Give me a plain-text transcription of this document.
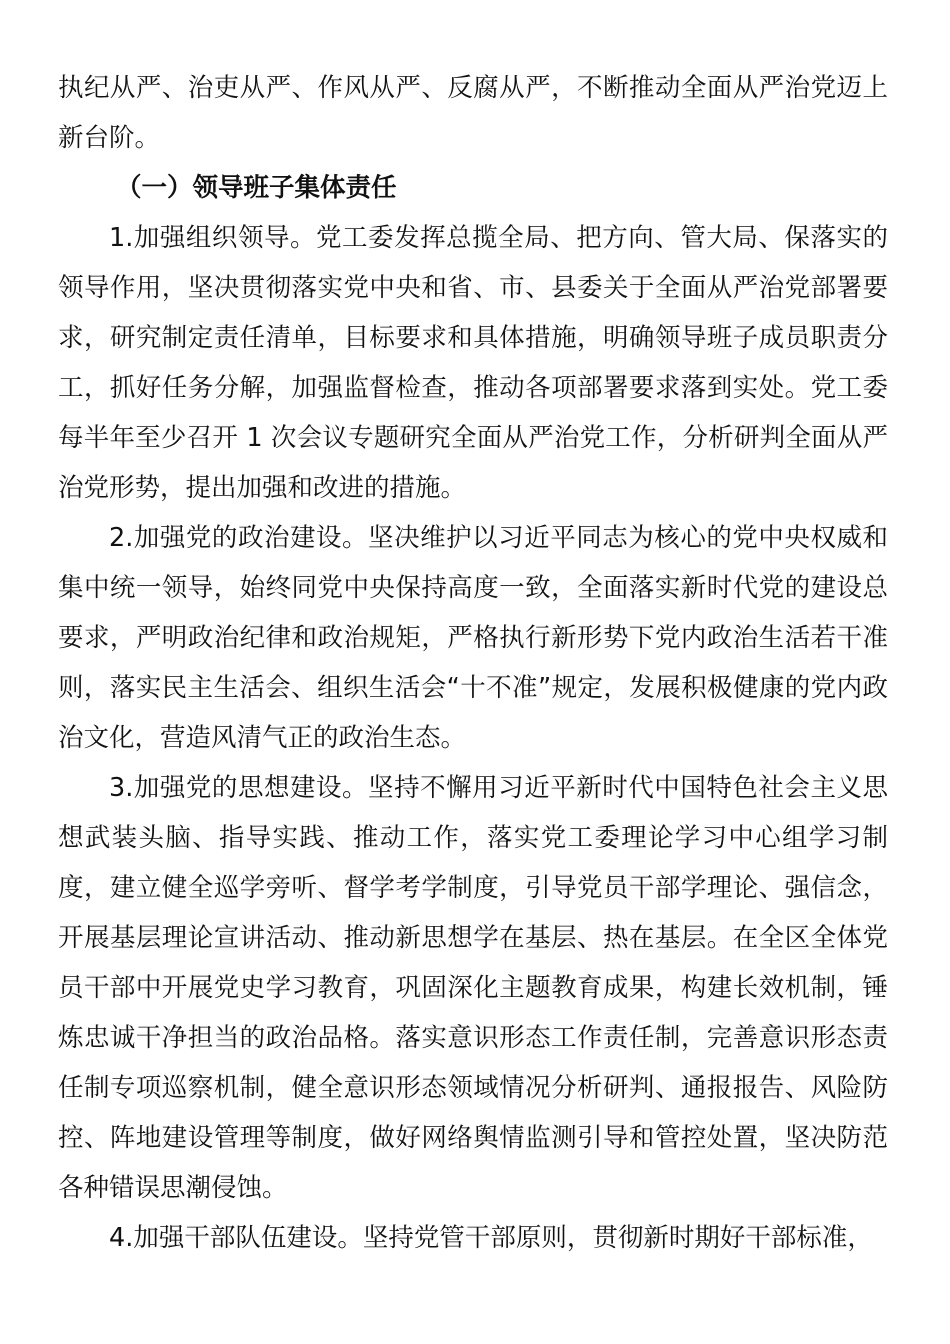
执纪从严、治吏从严、作风从严、反腐从严，不断推动全面从严治党迈上新台阶。

（一）领导班子集体责任

1.加强组织领导。党工委发挥总揽全局、把方向、管大局、保落实的领导作用，坚决贯彻落实党中央和省、市、县委关于全面从严治党部署要求，研究制定责任清单，目标要求和具体措施，明确领导班子成员职责分工，抓好任务分解，加强监督检查，推动各项部署要求落到实处。党工委每半年至少召开 1 次会议专题研究全面从严治党工作，分析研判全面从严治党形势，提出加强和改进的措施。

2.加强党的政治建设。坚决维护以习近平同志为核心的党中央权威和集中统一领导，始终同党中央保持高度一致，全面落实新时代党的建设总要求，严明政治纪律和政治规矩，严格执行新形势下党内政治生活若干准则，落实民主生活会、组织生活会“十不准”规定，发展积极健康的党内政治文化，营造风清气正的政治生态。

3.加强党的思想建设。坚持不懈用习近平新时代中国特色社会主义思想武装头脑、指导实践、推动工作，落实党工委理论学习中心组学习制度，建立健全巡学旁听、督学考学制度，引导党员干部学理论、强信念，开展基层理论宣讲活动、推动新思想学在基层、热在基层。在全区全体党员干部中开展党史学习教育，巩固深化主题教育成果，构建长效机制，锤炼忠诚干净担当的政治品格。落实意识形态工作责任制，完善意识形态责任制专项巡察机制，健全意识形态领域情况分析研判、通报报告、风险防控、阵地建设管理等制度，做好网络舆情监测引导和管控处置，坚决防范各种错误思潮侵蚀。

4.加强干部队伍建设。坚持党管干部原则，贯彻新时期好干部标准，
